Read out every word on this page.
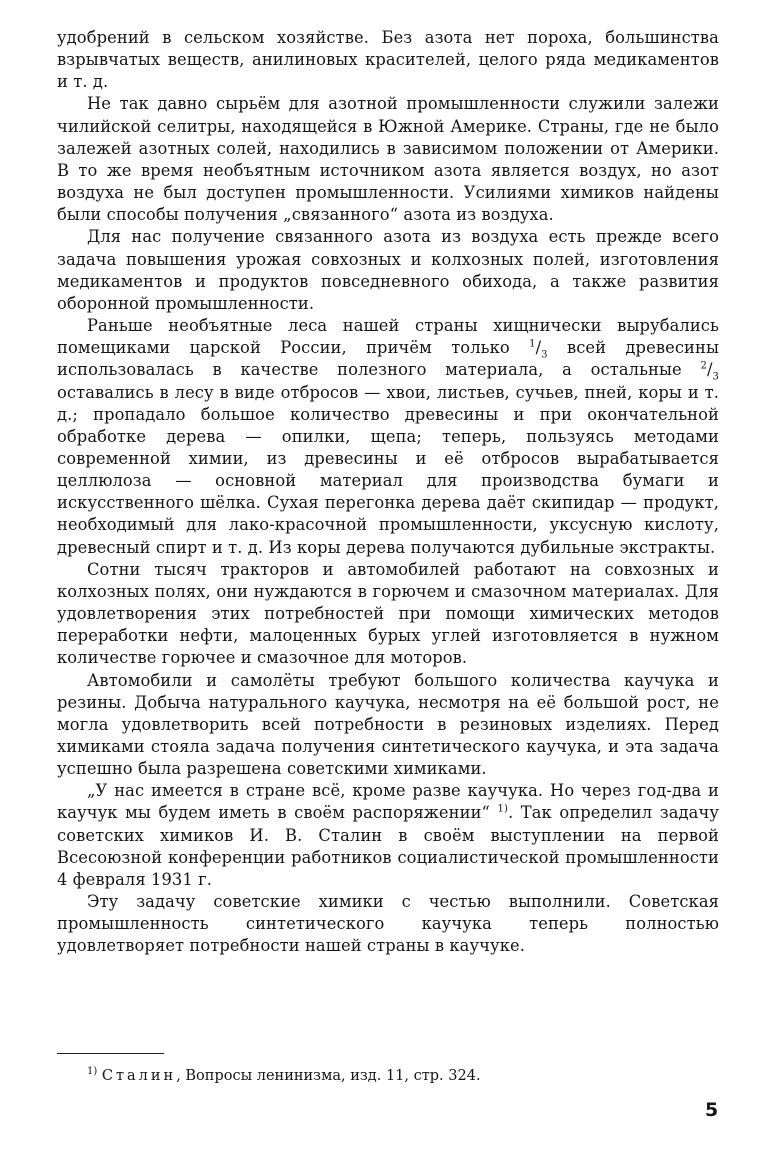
удобрений в сельском хозяйстве. Без азота нет пороха, большинства взрывчатых веществ, анилиновых красителей, целого ряда медикаментов и т. д.

Не так давно сырьём для азотной промышленности служили залежи чилийской селитры, находящейся в Южной Америке. Страны, где не было залежей азотных солей, находились в зависимом положении от Америки. В то же время необъятным источником азота является воздух, но азот воздуха не был доступен промышленности. Усилиями химиков найдены были способы получения „связанного“ азота из воздуха.

Для нас получение связанного азота из воздуха есть прежде всего задача повышения урожая совхозных и колхозных полей, изготовления медикаментов и продуктов повседневного обихода, а также развития оборонной промышленности.

Раньше необъятные леса нашей страны хищнически вырубались помещиками царской России, причём только $^1/_3$ всей древесины использовалась в качестве полезного материала, а остальные $^2/_3$ оставались в лесу в виде отбросов — хвои, листьев, сучьев, пней, коры и т. д.; пропадало большое количество древесины и при окончательной обработке дерева — опилки, щепа; теперь, пользуясь методами современной химии, из древесины и её отбросов вырабатывается целлюлоза — основной материал для производства бумаги и искусственного шёлка. Сухая перегонка дерева даёт скипидар — продукт, необходимый для лако-красочной промышленности, уксусную кислоту, древесный спирт и т. д. Из коры дерева получаются дубильные экстракты.

Сотни тысяч тракторов и автомобилей работают на совхозных и колхозных полях, они нуждаются в горючем и смазочном материалах. Для удовлетворения этих потребностей при помощи химических методов переработки нефти, малоценных бурых углей изготовляется в нужном количестве горючее и смазочное для моторов.

Автомобили и самолёты требуют большого количества каучука и резины. Добыча натурального каучука, несмотря на её большой рост, не могла удовлетворить всей потребности в резиновых изделиях. Перед химиками стояла задача получения синтетического каучука, и эта задача успешно была разрешена советскими химиками.

„У нас имеется в стране всё, кроме разве каучука. Но через год-два и каучук мы будем иметь в своём распоряжении“ $^{1)}$. Так определил задачу советских химиков И. В. Сталин в своём выступлении на первой Всесоюзной конференции работников социалистической промышленности 4 февраля 1931 г.

Эту задачу советские химики с честью выполнили. Советская промышленность синтетического каучука теперь полностью удовлетворяет потребности нашей страны в каучуке.

$^{1)}$ Сталин, Вопросы ленинизма, изд. 11, стр. 324.
5
